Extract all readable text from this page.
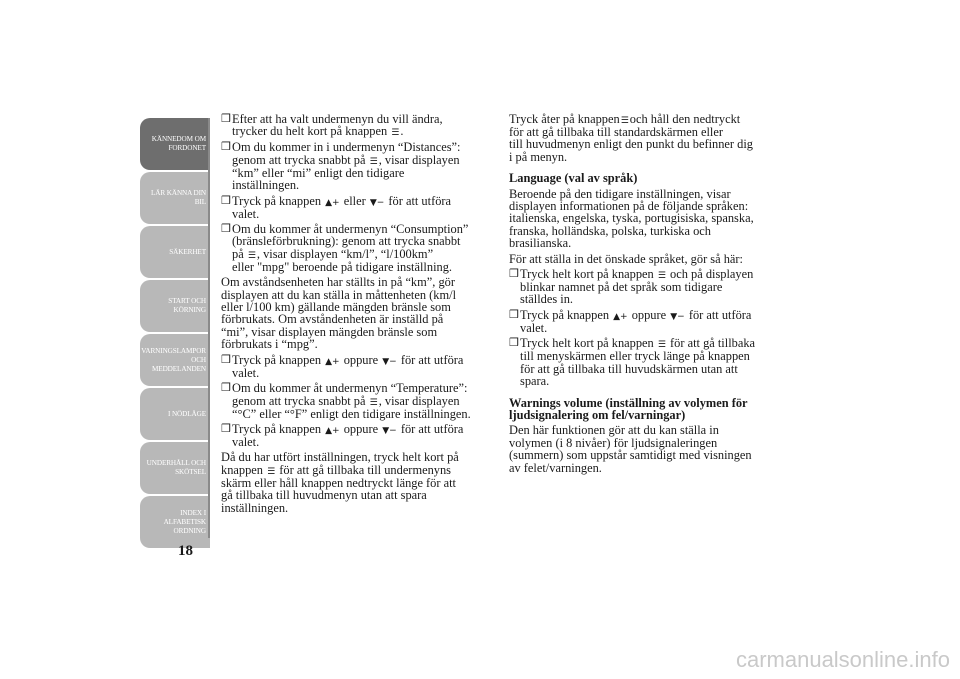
KÄNNEDOM OM
FORDONET
LÄR KÄNNA DIN
BIL
SÄKERHET
START OCH
KÖRNING
VARNINGSLAMPOR
OCH
MEDDELANDEN
I NÖDLÄGE
UNDERHÅLL OCH
SKÖTSEL
INDEX I
ALFABETISK
ORDNING
18
❒ Efter att ha valt undermenyn du vill ändra,
trycker du helt kort på knappen ☰.
❒ Om du kommer in i undermenyn “Distances”:
genom att trycka snabbt på ☰, visar displayen
“km” eller “mi” enligt den tidigare
inställningen.
❒ Tryck på knappen ▲+ eller ▼− för att utföra
valet.
❒ Om du kommer åt undermenyn “Consumption”
(bränsleförbrukning): genom att trycka snabbt
på ☰, visar displayen “km/l”, “l/100km”
eller "mpg" beroende på tidigare inställning.
Om avståndsenheten har ställts in på “km”, gör
displayen att du kan ställa in måttenheten (km/l
eller l/100 km) gällande mängden bränsle som
förbrukats. Om avståndenheten är inställd på
“mi”, visar displayen mängden bränsle som
förbrukats i “mpg”.
❒ Tryck på knappen ▲+ oppure ▼− för att utföra
valet.
❒ Om du kommer åt undermenyn “Temperature”:
genom att trycka snabbt på ☰, visar displayen
“°C” eller “°F” enligt den tidigare inställningen.
❒ Tryck på knappen ▲+ oppure ▼− för att utföra
valet.
Då du har utfört inställningen, tryck helt kort på
knappen ☰ för att gå tillbaka till undermenyns
skärm eller håll knappen nedtryckt länge för att
gå tillbaka till huvudmenyn utan att spara
inställningen.
Tryck åter på knappen☰och håll den nedtryckt
för att gå tillbaka till standardskärmen eller
till huvudmenyn enligt den punkt du befinner dig
i på menyn.
Language (val av språk)
Beroende på den tidigare inställningen, visar
displayen informationen på de följande språken:
italienska, engelska, tyska, portugisiska, spanska,
franska, holländska, polska, turkiska och
brasilianska.
För att ställa in det önskade språket, gör så här:
❒ Tryck helt kort på knappen ☰ och på displayen
blinkar namnet på det språk som tidigare
ställdes in.
❒ Tryck på knappen ▲+ oppure ▼− för att utföra
valet.
❒ Tryck helt kort på knappen ☰ för att gå tillbaka
till menyskärmen eller tryck länge på knappen
för att gå tillbaka till huvudskärmen utan att
spara.
Warnings volume (inställning av volymen för
ljudsignalering om fel/varningar)
Den här funktionen gör att du kan ställa in
volymen (i 8 nivåer) för ljudsignaleringen
(summern) som uppstår samtidigt med visningen
av felet/varningen.
carmanualsonline.info
